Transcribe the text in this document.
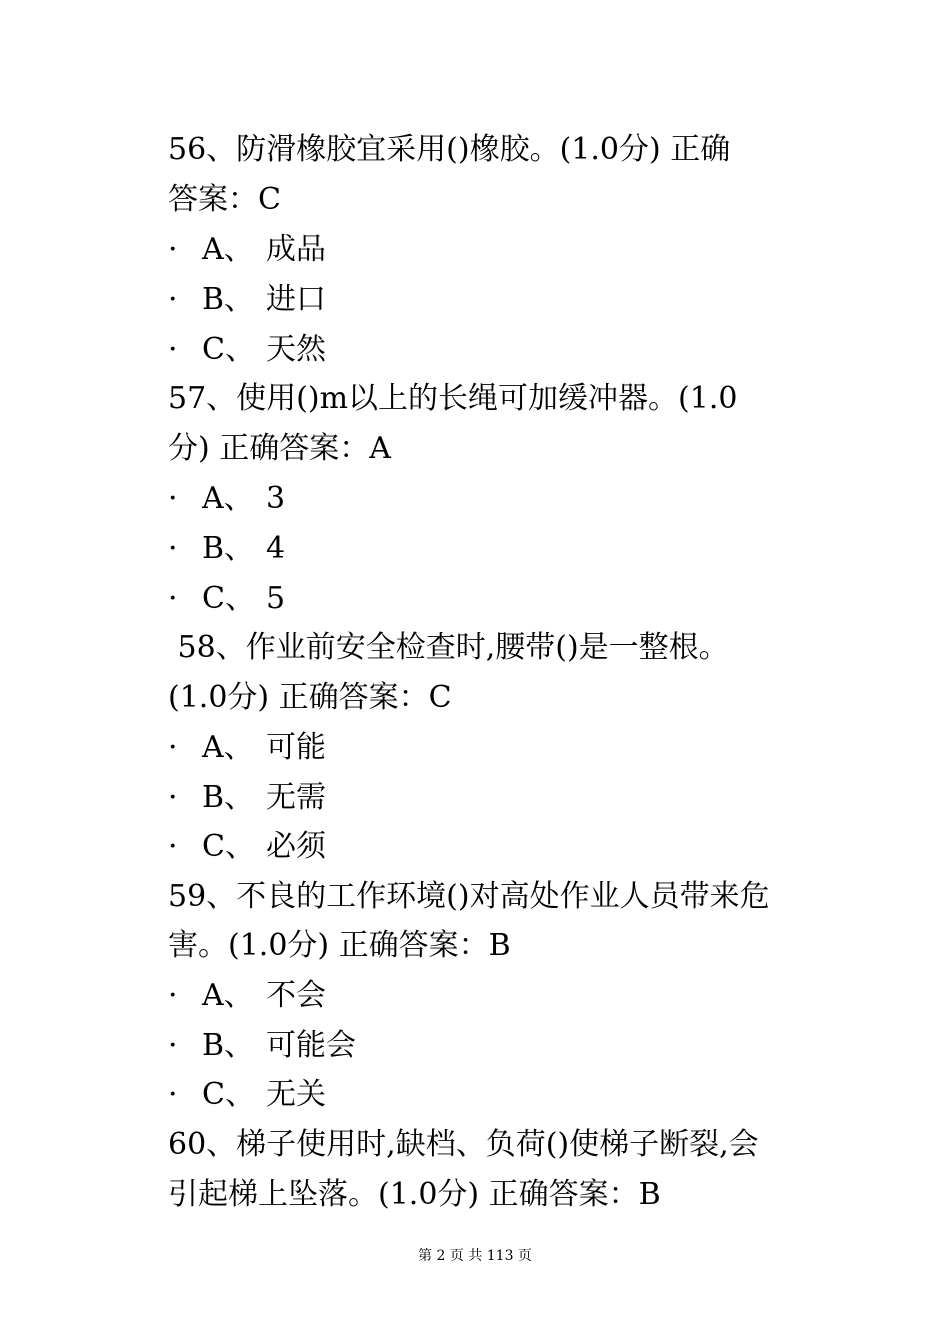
56、防滑橡胶宜采用()橡胶。(1.0分) 正确
答案：C
· A、 成品
· B、 进口
· C、 天然
57、使用()m以上的长绳可加缓冲器。(1.0
分) 正确答案：A
· A、 3
· B、 4
· C、 5
58、作业前安全检查时,腰带()是一整根。
(1.0分) 正确答案：C
· A、 可能
· B、 无需
· C、 必须
59、不良的工作环境()对高处作业人员带来危
害。(1.0分) 正确答案：B
· A、 不会
· B、 可能会
· C、 无关
60、梯子使用时,缺档、负荷()使梯子断裂,会
引起梯上坠落。(1.0分) 正确答案：B
第 2 页 共 113 页
